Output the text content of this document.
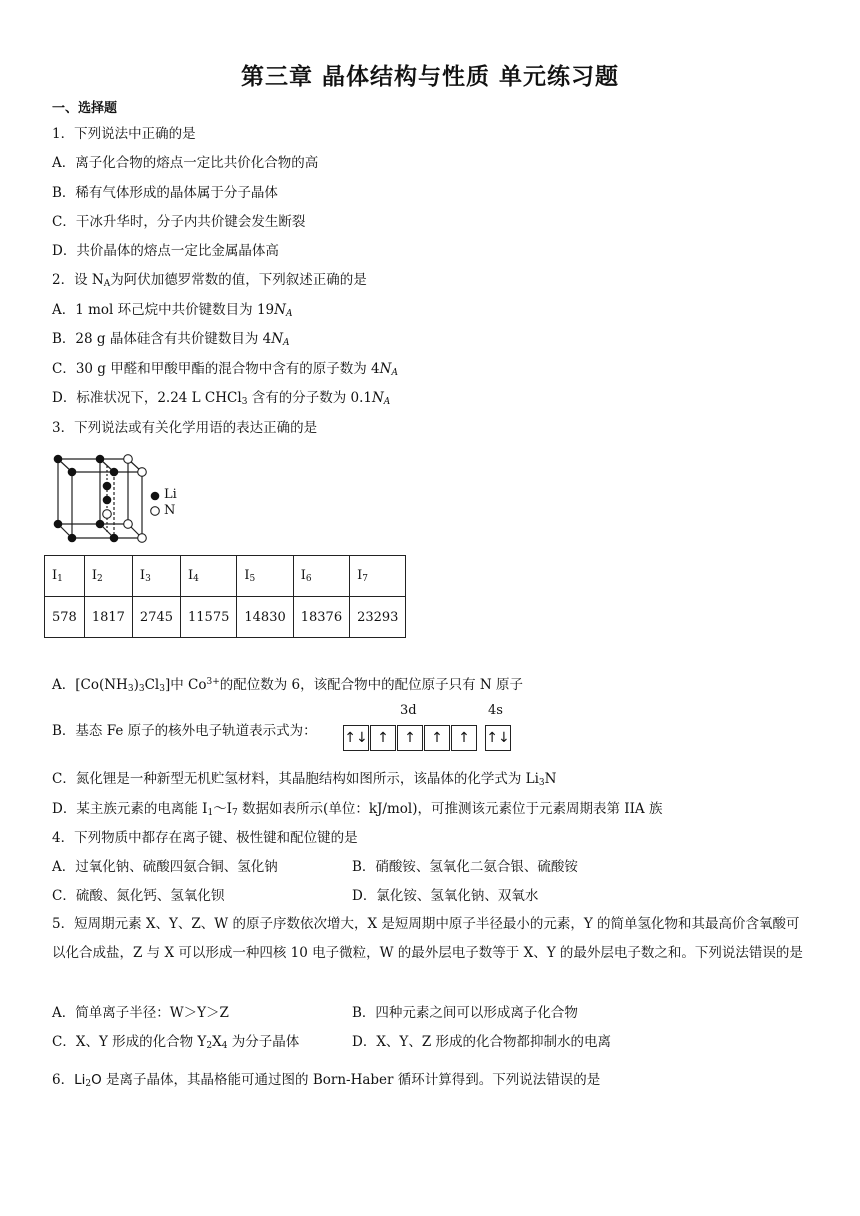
第三章 晶体结构与性质 单元练习题
一、选择题
1．下列说法中正确的是
A．离子化合物的熔点一定比共价化合物的高
B．稀有气体形成的晶体属于分子晶体
C．干冰升华时，分子内共价键会发生断裂
D．共价晶体的熔点一定比金属晶体高
2．设 $N_A$为阿伏加德罗常数的值，下列叙述正确的是
A．1 mol 环己烷中共价键数目为 $19N_A$
B．28 g 晶体硅含有共价键数目为 $4N_A$
C．30 g 甲醛和甲酸甲酯的混合物中含有的原子数为 $4N_A$
D．标准状况下，2.24 L CHCl$_3$ 含有的分子数为 $0.1N_A$
3．下列说法或有关化学用语的表达正确的是
Li
N
$I_1$	$I_2$	$I_3$	$I_4$	$I_5$	$I_6$	$I_7$
578	1817	2745	11575	14830	18376	23293
A．$[Co(NH_3)_3Cl_3]$中 $Co^{3+}$的配位数为 6，该配合物中的配位原子只有 N 原子
B．基态 Fe 原子的核外电子轨道表示式为：
3d	4s
↑↓ ↑	↑	↑	↑	↑↓
C．氮化锂是一种新型无机贮氢材料，其晶胞结构如图所示，该晶体的化学式为 $Li_3N$
D．某主族元素的电离能 $I_1\sim I_7$ 数据如表所示(单位：kJ/mol)，可推测该元素位于元素周期表第 IIA 族
4．下列物质中都存在离子键、极性键和配位键的是
A．过氧化钠、硫酸四氨合铜、氢化钠	B．硝酸铵、氢氧化二氨合银、硫酸铵
C．硫酸、氮化钙、氢氧化钡	D．氯化铵、氢氧化钠、双氧水
5．短周期元素 X、Y、Z、W 的原子序数依次增大，X 是短周期中原子半径最小的元素，Y 的简单氢化物和其最高价含氧酸可以化合成盐，Z 与 X 可以形成一种四核 10 电子微粒，W 的最外层电子数等于 X、Y 的最外层电子数之和。下列说法错误的是
A．简单离子半径：W＞Y＞Z	B．四种元素之间可以形成离子化合物
C．X、Y 形成的化合物 $Y_2X_4$ 为分子晶体	D．X、Y、Z 形成的化合物都抑制水的电离
6．$Li_2O$ 是离子晶体，其晶格能可通过图的 Born-Haber 循环计算得到。下列说法错误的是
